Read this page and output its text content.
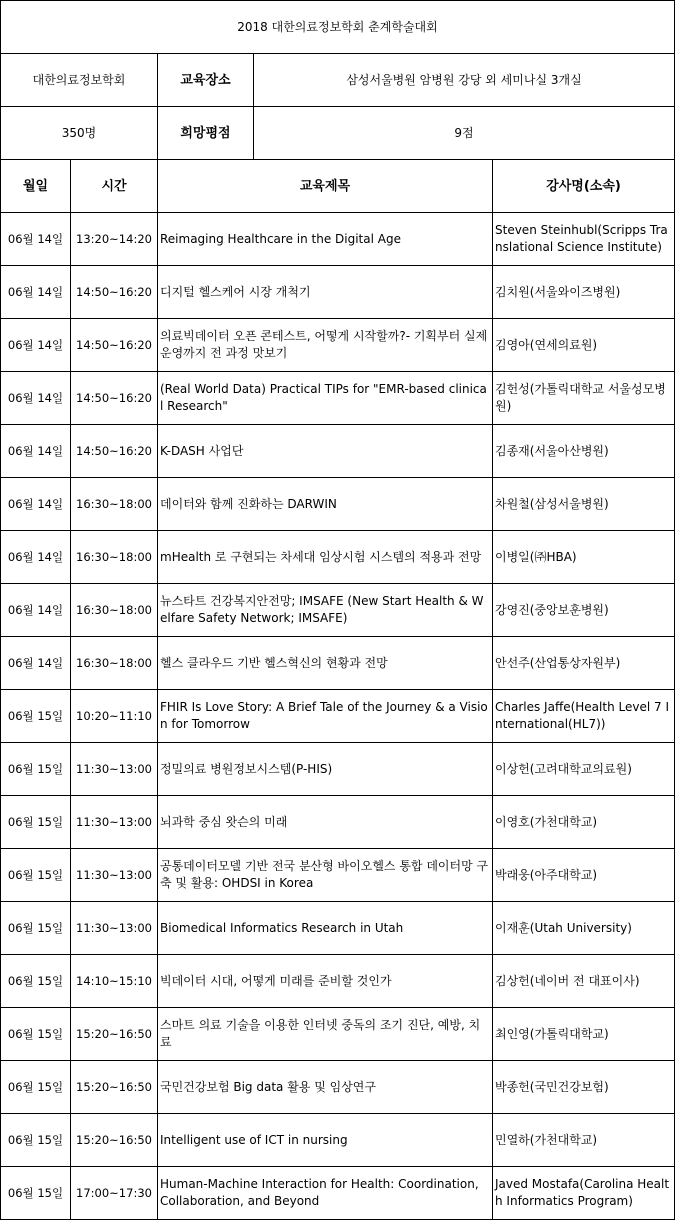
2018 대한의료정보학회 춘계학술대회				
대한의료정보학회		교육장소	삼성서울병원 암병원 강당 외 세미나실 3개실	
350명		희망평점	9점	
월일	시간	교육제목		강사명(소속)
06월 14일	13:20~14:20	Reimaging Healthcare in the Digital Age		Steven Steinhubl(Scripps Translational Science Institute)
06월 14일	14:50~16:20	디지털 헬스케어 시장 개척기		김치원(서울와이즈병원)
06월 14일	14:50~16:20	의료빅데이터 오픈 콘테스트, 어떻게 시작할까?- 기획부터 실제 운영까지 전 과정 맛보기		김영아(연세의료원)
06월 14일	14:50~16:20	(Real World Data) Practical TIPs for "EMR-based clinical Research"		김헌성(가톨릭대학교 서울성모병원)
06월 14일	14:50~16:20	K-DASH 사업단		김종재(서울아산병원)
06월 14일	16:30~18:00	데이터와 함께 진화하는 DARWIN		차원철(삼성서울병원)
06월 14일	16:30~18:00	mHealth 로 구현되는 차세대 임상시험 시스템의 적용과 전망		이병일(㈜HBA)
06월 14일	16:30~18:00	뉴스타트 건강복지안전망; IMSAFE (New Start Health & Welfare Safety Network; IMSAFE)		강영진(중앙보훈병원)
06월 14일	16:30~18:00	헬스 클라우드 기반 헬스혁신의 현황과 전망		안선주(산업통상자원부)
06월 15일	10:20~11:10	FHIR Is Love Story: A Brief Tale of the Journey & a Vision for Tomorrow		Charles Jaffe(Health Level 7 International(HL7))
06월 15일	11:30~13:00	정밀의료 병원정보시스템(P-HIS)		이상헌(고려대학교의료원)
06월 15일	11:30~13:00	뇌과학 중심 왓슨의 미래		이영호(가천대학교)
06월 15일	11:30~13:00	공통데이터모델 기반 전국 분산형 바이오헬스 통합 데이터망 구축 및 활용: OHDSI in Korea		박래웅(아주대학교)
06월 15일	11:30~13:00	Biomedical Informatics Research in Utah		이재훈(Utah University)
06월 15일	14:10~15:10	빅데이터 시대, 어떻게 미래를 준비할 것인가		김상헌(네이버 전 대표이사)
06월 15일	15:20~16:50	스마트 의료 기술을 이용한 인터넷 중독의 조기 진단, 예방, 치료		최인영(가톨릭대학교)
06월 15일	15:20~16:50	국민건강보험 Big data 활용 및 임상연구		박종헌(국민건강보험)
06월 15일	15:20~16:50	Intelligent use of ICT in nursing		민열하(가천대학교)
06월 15일	17:00~17:30	Human-Machine Interaction for Health: Coordination, Collaboration, and Beyond		Javed Mostafa(Carolina Health Informatics Program)
